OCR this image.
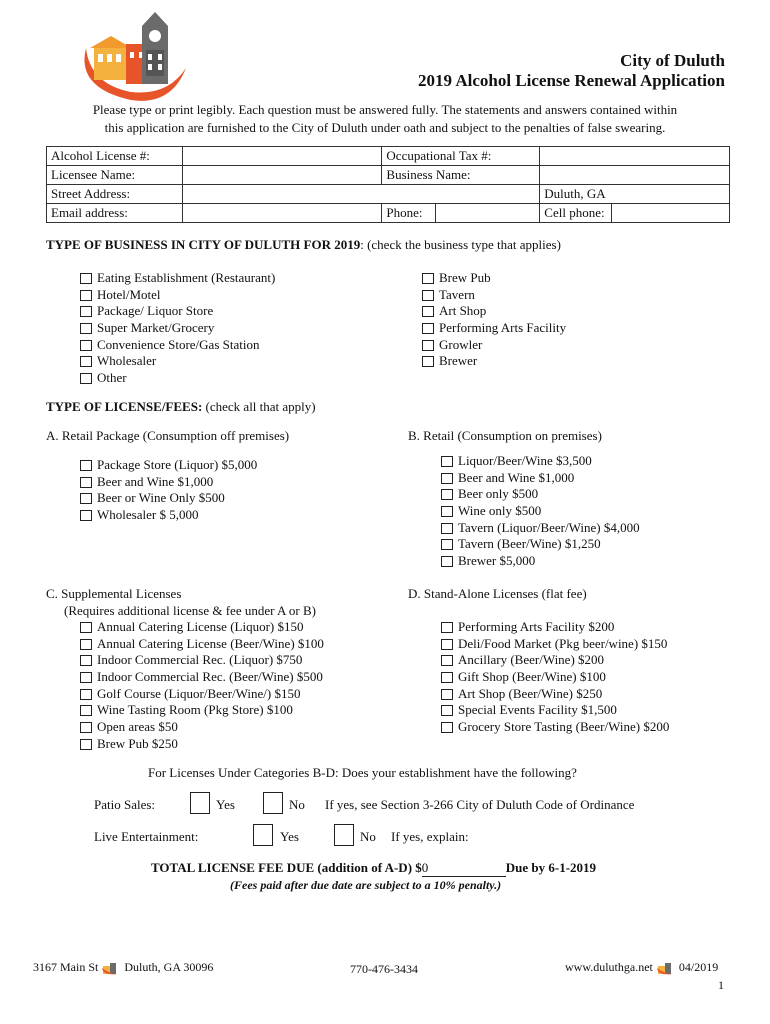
City of Duluth
2019 Alcohol License Renewal Application
Please type or print legibly. Each question must be answered fully. The statements and answers contained within
this application are furnished to the City of Duluth under oath and subject to the penalties of false swearing.
Alcohol License #:		Occupational Tax #:			
Licensee Name:		Business Name:			
Street Address:				Duluth, GA	
Email address:		Phone:		Cell phone:	
TYPE OF BUSINESS IN CITY OF DULUTH FOR 2019: (check the business type that applies)
Eating Establishment (Restaurant)
Hotel/Motel
Package/ Liquor Store
Super Market/Grocery
Convenience Store/Gas Station
Wholesaler
Other
Brew Pub
Tavern
Art Shop
Performing Arts Facility
Growler
Brewer
TYPE OF LICENSE/FEES: (check all that apply)
A. Retail Package (Consumption off premises)	B. Retail (Consumption on premises)
Package Store (Liquor) $5,000
Beer and Wine $1,000
Beer or Wine Only $500
Wholesaler $ 5,000
Liquor/Beer/Wine $3,500
Beer and Wine $1,000
Beer only $500
Wine only $500
Tavern (Liquor/Beer/Wine) $4,000
Tavern (Beer/Wine) $1,250
Brewer $5,000
C. Supplemental Licenses
(Requires additional license & fee under A or B)
D. Stand-Alone Licenses (flat fee)
Annual Catering License (Liquor) $150
Annual Catering License (Beer/Wine) $100
Indoor Commercial Rec. (Liquor) $750
Indoor Commercial Rec. (Beer/Wine) $500
Golf Course (Liquor/Beer/Wine/) $150
Wine Tasting Room (Pkg Store) $100
Open areas $50
Brew Pub $250
Performing Arts Facility $200
Deli/Food Market (Pkg beer/wine) $150
Ancillary (Beer/Wine) $200
Gift Shop (Beer/Wine) $100
Art Shop (Beer/Wine) $250
Special Events Facility $1,500
Grocery Store Tasting (Beer/Wine) $200
For Licenses Under Categories B-D: Does your establishment have the following?
Patio Sales:	Yes	No If yes, see Section 3-266 City of Duluth Code of Ordinance
Live Entertainment:	Yes	No If yes, explain:
TOTAL LICENSE FEE DUE (addition of A-D) $0	Due by 6-1-2019
(Fees paid after due date are subject to a 10% penalty.)
3167 Main St Duluth, GA 30096	770-476-3434	www.duluthga.net 04/2019
1
